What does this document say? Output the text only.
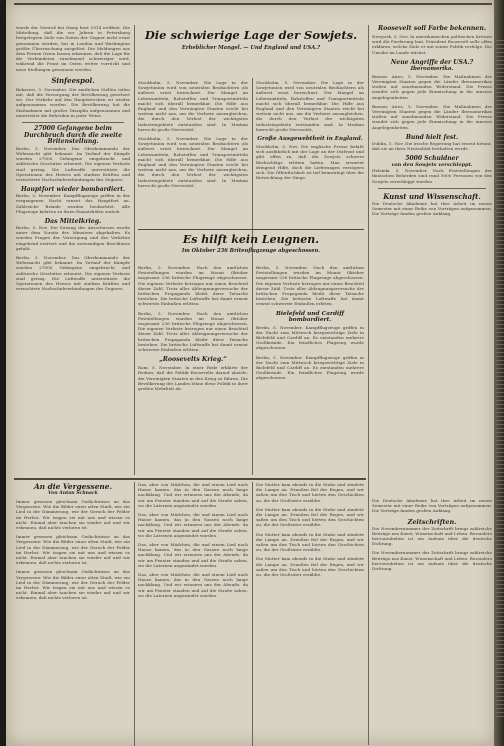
wurde der Vorstoß bei Omny bezt 1914 eröffnet. Die Mitteilung, daß die vor Jahren in Petersburg festgelegten Ziele von Seiten der Gegner nicht ernst genommen würden, hat in London und Washington größte Überraschung ausgelöst. Die Meldungen aus dem Fernen Osten lassen erkennen, daß die Lage für die Verbündeten zunehmend schwieriger wird, während die Front im Osten weiter vorrückt und neue Stellungen gewonnen werden.

Sinfeespol.

Bukarest, 5. November. Die amtlichen Stellen teilen mit, daß die Versorgung der Bevölkerung gesichert sei. Der Verkehr auf den Hauptstrecken ist wieder aufgenommen worden. Die Bevölkerung hat die Maßnahmen mit großer Disziplin aufgenommen und unterstützt die Behörden in jeder Weise.

27000 Gefangene beim Durchbruch durch die zweite Britenstellung.

Berlin, 5. November. Das Oberkommando der Wehrmacht gibt bekannt: Im Verlauf der Kämpfe wurden 27000 Gefangene eingebracht und zahlreiche Geschütze erbeutet. Die eigenen Verluste sind gering. Die Luftwaffe unterstützte die Operationen des Heeres mit starken Kräften und vernichtete Nachschubverbindungen des Gegners.

Hauptfort wieder bombardiert.

Berlin, 5. November. Kampfflugzeuge griffen in der vergangenen Nacht erneut das Hauptfort an. Zahlreiche Brände wurden beobachtet. Alle Flugzeuge kehrten zu ihren Einsatzhäfen zurück.

Das Mittelkrieg.

Berlin, 5. Nov. Die Sitzung des Ausschusses wurde unter dem Vorsitz des Ministers abgehalten. Es wurden Fragen der Versorgung und des Verkehrs eingehend erörtert und die notwendigen Beschlüsse gefaßt.

Berlin, 5. November. Das Oberkommando der Wehrmacht gibt bekannt: Im Verlauf der Kämpfe wurden 27000 Gefangene eingebracht und zahlreiche Geschütze erbeutet. Die eigenen Verluste sind gering. Die Luftwaffe unterstützte die Operationen des Heeres mit starken Kräften und vernichtete Nachschubverbindungen des Gegners.

Die schwierige Lage der Sowjets.

Erheblicher Mangel. — Und England und USA.?

Stockholm, 5. November. Die Lage in der Sowjetunion wird von neutralen Beobachtern als äußerst ernst bezeichnet. Der Mangel an Lebensmitteln, Rohstoffen und Transportmitteln macht sich überall bemerkbar. Die Hilfe aus England und den Vereinigten Staaten reicht bei weitem nicht aus, um die Verluste auszugleichen, die durch den Verlust der wichtigsten Industriegebiete entstanden sind. In Moskau herrscht große Nervosität.

Stockholm, 5. November. Die Lage in der Sowjetunion wird von neutralen Beobachtern als äußerst ernst bezeichnet. Der Mangel an Lebensmitteln, Rohstoffen und Transportmitteln macht sich überall bemerkbar. Die Hilfe aus England und den Vereinigten Staaten reicht bei weitem nicht aus, um die Verluste auszugleichen, die durch den Verlust der wichtigsten Industriegebiete entstanden sind. In Moskau herrscht große Nervosität.

Stockholm, 5. November. Die Lage in der Sowjetunion wird von neutralen Beobachtern als äußerst ernst bezeichnet. Der Mangel an Lebensmitteln, Rohstoffen und Transportmitteln macht sich überall bemerkbar. Die Hilfe aus England und den Vereinigten Staaten reicht bei weitem nicht aus, um die Verluste auszugleichen, die durch den Verlust der wichtigsten Industriegebiete entstanden sind. In Moskau herrscht große Nervosität.

Große Ausgewebtheit in England.

Stockholm, 5. Nov. Die englische Presse befaßt sich ausführlich mit der Lage an der Ostfront und gibt offen zu, daß die Sowjets schwere Rückschläge erlitten haben. Man erwartet dringend Hilfe, doch die Lieferungen verzögern sich. Die Öffentlichkeit ist tief beunruhigt über die Entwicklung der Dinge.

Es hilft kein Leugnen.

Im Oktober 236 Britenflugzeuge abgeschossen.

Berlin, 5. November. Nach den amtlichen Feststellungen wurden im Monat Oktober insgesamt 236 britische Flugzeuge abgeschossen. Die eigenen Verluste betrugen nur einen Bruchteil dieser Zahl. Trotz aller Ableugnungsversuche der britischen Propaganda bleibt diese Tatsache bestehen. Die britische Luftwaffe hat damit erneut schwerste Einbußen erlitten.

Berlin, 5. November. Nach den amtlichen Feststellungen wurden im Monat Oktober insgesamt 236 britische Flugzeuge abgeschossen. Die eigenen Verluste betrugen nur einen Bruchteil dieser Zahl. Trotz aller Ableugnungsversuche der britischen Propaganda bleibt diese Tatsache bestehen. Die britische Luftwaffe hat damit erneut schwerste Einbußen erlitten.

„Roosevelts Krieg.“

Rom, 5. November. In einer Rede erklärte der Redner, daß die Politik Roosevelts darauf abziele, die Vereinigten Staaten in den Krieg zu führen. Die Bevölkerung des Landes lehne diese Politik in ihrer großen Mehrheit ab.

Berlin, 5. November. Nach den amtlichen Feststellungen wurden im Monat Oktober insgesamt 236 britische Flugzeuge abgeschossen. Die eigenen Verluste betrugen nur einen Bruchteil dieser Zahl. Trotz aller Ableugnungsversuche der britischen Propaganda bleibt diese Tatsache bestehen. Die britische Luftwaffe hat damit erneut schwerste Einbußen erlitten.

Bielefeld und Cardiff bombardiert.

Berlin, 5. November. Kampfflugzeuge griffen in der Nacht zum Mittwoch kriegswichtige Ziele in Bielefeld und Cardiff an. Es entstanden mehrere Großbrände. Ein feindliches Flugzeug wurde abgeschossen.

Berlin, 5. November. Kampfflugzeuge griffen in der Nacht zum Mittwoch kriegswichtige Ziele in Bielefeld und Cardiff an. Es entstanden mehrere Großbrände. Ein feindliches Flugzeug wurde abgeschossen.

Roosevelt soll Farbe bekennen.

Newyork, 5. Nov. In amerikanischen politischen Kreisen wird die Forderung laut, Präsident Roosevelt solle offen erklären, welche Ziele er mit seiner Politik verfolge. Die Unruhe im Lande wächst.

Neue Angriffe der USA.?

Iberoamerika.

Buenos Aires, 5. November. Die Maßnahmen der Vereinigten Staaten gegen die Länder Iberoamerikas stoßen auf zunehmenden Widerstand. Die Presse wendet sich gegen jede Einmischung in die inneren Angelegenheiten.

Buenos Aires, 5. November. Die Maßnahmen der Vereinigten Staaten gegen die Länder Iberoamerikas stoßen auf zunehmenden Widerstand. Die Presse wendet sich gegen jede Einmischung in die inneren Angelegenheiten.

Bund hielt fest.

Dublin, 5. Nov. Die irische Regierung hat erneut betont, daß sie an ihrer Neutralität festhalten werde.

5000 Schuldner

von den Sowjets verschleppt.

Helsinki, 5. November. Nach Feststellungen der finnischen Behörden sind rund 5000 Personen von den Sowjets verschleppt worden.

Kunst und Wissenschaft.

Die Deutsche Akademie hat ihre Arbeit im neuen Semester mit einer Reihe von Vorträgen aufgenommen. Die Vorträge fanden großen Anklang.

An die Vergessene.

Von Anton Schnack

Immer gewesen gleichsam Gedächtnisse an das Vergessene: Wie die Bilder einer alten Stadt, wie ein Lied in der Dämmerung, wie der Geruch der Felder im Herbst. Wir tragen sie mit uns und wissen es nicht. Einmal aber tauchen sie wieder auf und wir erkennen, daß nichts verloren ist.

Immer gewesen gleichsam Gedächtnisse an das Vergessene: Wie die Bilder einer alten Stadt, wie ein Lied in der Dämmerung, wie der Geruch der Felder im Herbst. Wir tragen sie mit uns und wissen es nicht. Einmal aber tauchen sie wieder auf und wir erkennen, daß nichts verloren ist.

Immer gewesen gleichsam Gedächtnisse an das Vergessene: Wie die Bilder einer alten Stadt, wie ein Lied in der Dämmerung, wie der Geruch der Felder im Herbst. Wir tragen sie mit uns und wissen es nicht. Einmal aber tauchen sie wieder auf und wir erkennen, daß nichts verloren ist.

Das, aber von Mädchen, die und einem Lied nach Hause kamen, das in den Gassen noch lange nachklang. Und wir erinnern uns der Abende, da wir am Fenster standen und auf die Straße sahen, wo die Laternen angezündet wurden.

Das, aber von Mädchen, die und einem Lied nach Hause kamen, das in den Gassen noch lange nachklang. Und wir erinnern uns der Abende, da wir am Fenster standen und auf die Straße sahen, wo die Laternen angezündet wurden.

Das, aber von Mädchen, die und einem Lied nach Hause kamen, das in den Gassen noch lange nachklang. Und wir erinnern uns der Abende, da wir am Fenster standen und auf die Straße sahen, wo die Laternen angezündet wurden.

Das, aber von Mädchen, die und einem Lied nach Hause kamen, das in den Gassen noch lange nachklang. Und wir erinnern uns der Abende, da wir am Fenster standen und auf die Straße sahen, wo die Laternen angezündet wurden.

Die Mutter kam abends in die Stube und zündete die Lampe an. Draußen fiel der Regen, und wir saßen um den Tisch und hörten den Geschichten zu, die der Großvater erzählte.

Die Mutter kam abends in die Stube und zündete die Lampe an. Draußen fiel der Regen, und wir saßen um den Tisch und hörten den Geschichten zu, die der Großvater erzählte.

Die Mutter kam abends in die Stube und zündete die Lampe an. Draußen fiel der Regen, und wir saßen um den Tisch und hörten den Geschichten zu, die der Großvater erzählte.

Die Mutter kam abends in die Stube und zündete die Lampe an. Draußen fiel der Regen, und wir saßen um den Tisch und hörten den Geschichten zu, die der Großvater erzählte.

Die Deutsche Akademie hat ihre Arbeit im neuen Semester mit einer Reihe von Vorträgen aufgenommen. Die Vorträge fanden großen Anklang.

Zeitschriften.

Die Novembernummer der Zeitschrift bringt zahlreiche Beiträge aus Kunst, Wissenschaft und Leben. Besonders hervorzuheben ist ein Aufsatz über die deutsche Dichtung.

Die Novembernummer der Zeitschrift bringt zahlreiche Beiträge aus Kunst, Wissenschaft und Leben. Besonders hervorzuheben ist ein Aufsatz über die deutsche Dichtung.
